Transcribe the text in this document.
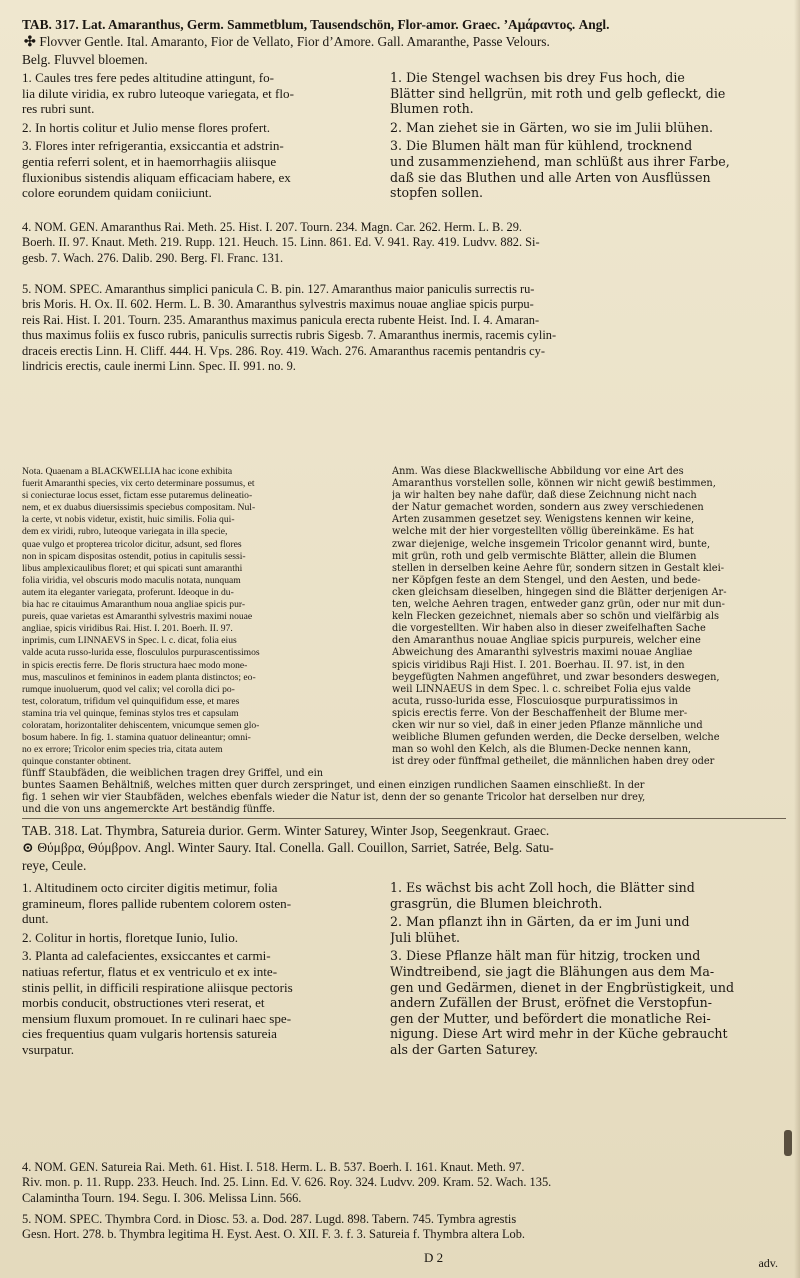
TAB. 317. Lat. Amaranthus, Germ. Sammetblum, Tausendschön, Flor-amor. Graec. ’Αμάραντος. Angl.

✣ Flovver Gentle. Ital. Amaranto, Fior de Vellato, Fior d’Amore. Gall. Amaranthe, Passe Velours.

Belg. Fluvvel bloemen.

1. Caules tres fere pedes altitudine attingunt, fo-

lia dilute viridia, ex rubro luteoque variegata, et flo-

res rubri sunt.

2. In hortis colitur et Julio mense flores profert.

3. Flores inter refrigerantia, exsiccantia et adstrin-

gentia referri solent, et in haemorrhagiis aliisque

fluxionibus sistendis aliquam efficaciam habere, ex

colore eorundem quidam coniiciunt.

1. Die Stengel wachsen bis drey Fus hoch, die

Blätter sind hellgrün, mit roth und gelb gefleckt, die

Blumen roth.

2. Man ziehet sie in Gärten, wo sie im Julii blühen.

3. Die Blumen hält man für kühlend, trocknend

und zusammenziehend, man schlüßt aus ihrer Farbe,

daß sie das Bluthen und alle Arten von Ausflüssen

stopfen sollen.

4. NOM. GEN. Amaranthus Rai. Meth. 25. Hist. I. 207. Tourn. 234. Magn. Car. 262. Herm. L. B. 29.

Boerh. II. 97. Knaut. Meth. 219. Rupp. 121. Heuch. 15. Linn. 861. Ed. V. 941. Ray. 419. Ludvv. 882. Si-

gesb. 7. Wach. 276. Dalib. 290. Berg. Fl. Franc. 131.

5. NOM. SPEC. Amaranthus simplici panicula C. B. pin. 127. Amaranthus maior paniculis surrectis ru-

bris Moris. H. Ox. II. 602. Herm. L. B. 30. Amaranthus sylvestris maximus nouae angliae spicis purpu-

reis Rai. Hist. I. 201. Tourn. 235. Amaranthus maximus panicula erecta rubente Heist. Ind. I. 4. Amaran-

thus maximus foliis ex fusco rubris, paniculis surrectis rubris Sigesb. 7. Amaranthus inermis, racemis cylin-

draceis erectis Linn. H. Cliff. 444. H. Vps. 286. Roy. 419. Wach. 276. Amaranthus racemis pentandris cy-

lindricis erectis, caule inermi Linn. Spec. II. 991. no. 9.

Nota. Quaenam a BLACKWELLIA hac icone exhibita

fuerit Amaranthi species, vix certo determinare possumus, et

si coniecturae locus esset, fictam esse putaremus delineatio-

nem, et ex duabus diuersissimis speciebus compositam. Nul-

la certe, vt nobis videtur, existit, huic similis. Folia qui-

dem ex viridi, rubro, luteoque variegata in illa specie,

quae vulgo et propterea tricolor dicitur, adsunt, sed flores

non in spicam dispositas ostendit, potius in capitulis sessi-

libus amplexicaulibus floret; et qui spicati sunt amaranthi

folia viridia, vel obscuris modo maculis notata, nunquam

autem ita eleganter variegata, proferunt. Ideoque in du-

bia hac re citauimus Amaranthum noua angliae spicis pur-

pureis, quae varietas est Amaranthi sylvestris maximi nouae

angliae, spicis viridibus Rai. Hist. I. 201. Boerh. II. 97.

inprimis, cum LINNAEVS in Spec. l. c. dicat, folia eius

valde acuta russo-lurida esse, floscululos purpurascentissimos

in spicis erectis ferre. De floris structura haec modo mone-

mus, masculinos et femininos in eadem planta distinctos; eo-

rumque inuoluerum, quod vel calix; vel corolla dici po-

test, coloratum, trifidum vel quinquifidum esse, et mares

stamina tria vel quinque, feminas stylos tres et capsulam

coloratam, horizontaliter dehiscentem, vnicumque semen glo-

bosum habere. In fig. 1. stamina quatuor delineantur; omni-

no ex errore; Tricolor enim species tria, citata autem

quinque constanter obtinent.

Anm. Was diese Blackwellische Abbildung vor eine Art des

Amaranthus vorstellen solle, können wir nicht gewiß bestimmen,

ja wir halten bey nahe dafür, daß diese Zeichnung nicht nach

der Natur gemachet worden, sondern aus zwey verschiedenen

Arten zusammen gesetzet sey. Wenigstens kennen wir keine,

welche mit der hier vorgestellten völlig übereinkäme. Es hat

zwar diejenige, welche insgemein Tricolor genannt wird, bunte,

mit grün, roth und gelb vermischte Blätter, allein die Blumen

stellen in derselben keine Aehre für, sondern sitzen in Gestalt klei-

ner Köpfgen feste an dem Stengel, und den Aesten, und bede-

cken gleichsam dieselben, hingegen sind die Blätter derjenigen Ar-

ten, welche Aehren tragen, entweder ganz grün, oder nur mit dun-

keln Flecken gezeichnet, niemals aber so schön und vielfärbig als

die vorgestellten. Wir haben also in dieser zweifelhaften Sache

den Amaranthus nouae Angliae spicis purpureis, welcher eine

Abweichung des Amaranthi sylvestris maximi nouae Angliae

spicis viridibus Raji Hist. I. 201. Boerhau. II. 97. ist, in den

beygefügten Nahmen angeführet, und zwar besonders deswegen,

weil LINNAEUS in dem Spec. l. c. schreibet Folia ejus valde

acuta, russo-lurida esse, Floscuiosque purpuratissimos in

spicis erectis ferre. Von der Beschaffenheit der Blume mer-

cken wir nur so viel, daß in einer jeden Pflanze männliche und

weibliche Blumen gefunden werden, die Decke derselben, welche

man so wohl den Kelch, als die Blumen-Decke nennen kann,

ist drey oder fünffmal getheilet, die männlichen haben drey oder

fünff Staubfäden, die weiblichen tragen drey Griffel, und ein

buntes Saamen Behältniß, welches mitten quer durch zerspringet, und einen einzigen rundlichen Saamen einschließt. In der

fig. 1 sehen wir vier Staubfäden, welches ebenfals wieder die Natur ist, denn der so genante Tricolor hat derselben nur drey,

und die von uns angemerckte Art beständig fünffe.

TAB. 318. Lat. Thymbra, Satureia durior. Germ. Winter Saturey, Winter Jsop, Seegenkraut. Graec.

⊙ Θύμβρα, Θύμβρον. Angl. Winter Saury. Ital. Conella. Gall. Couillon, Sarriet, Satrée, Belg. Satu-

reye, Ceule.

1. Altitudinem octo circiter digitis metimur, folia

gramineum, flores pallide rubentem colorem osten-

dunt.

2. Colitur in hortis, floretque Iunio, Iulio.

3. Planta ad calefacientes, exsiccantes et carmi-

natiuas refertur, flatus et ex ventriculo et ex inte-

stinis pellit, in difficili respiratione aliisque pectoris

morbis conducit, obstructiones vteri reserat, et

mensium fluxum promouet. In re culinari haec spe-

cies frequentius quam vulgaris hortensis satureia

vsurpatur.

1. Es wächst bis acht Zoll hoch, die Blätter sind

grasgrün, die Blumen bleichroth.

2. Man pflanzt ihn in Gärten, da er im Juni und

Juli blühet.

3. Diese Pflanze hält man für hitzig, trocken und

Windtreibend, sie jagt die Blähungen aus dem Ma-

gen und Gedärmen, dienet in der Engbrüstigkeit, und

andern Zufällen der Brust, eröfnet die Verstopfun-

gen der Mutter, und befördert die monatliche Rei-

nigung. Diese Art wird mehr in der Küche gebraucht

als der Garten Saturey.

4. NOM. GEN. Satureia Rai. Meth. 61. Hist. I. 518. Herm. L. B. 537. Boerh. I. 161. Knaut. Meth. 97.

Riv. mon. p. 11. Rupp. 233. Heuch. Ind. 25. Linn. Ed. V. 626. Roy. 324. Ludvv. 209. Kram. 52. Wach. 135.

Calamintha Tourn. 194. Segu. I. 306. Melissa Linn. 566.

5. NOM. SPEC. Thymbra Cord. in Diosc. 53. a. Dod. 287. Lugd. 898. Tabern. 745. Tymbra agrestis

Gesn. Hort. 278. b. Thymbra legitima H. Eyst. Aest. O. XII. F. 3. f. 3. Satureia f. Thymbra altera Lob.

D 2	adv.
